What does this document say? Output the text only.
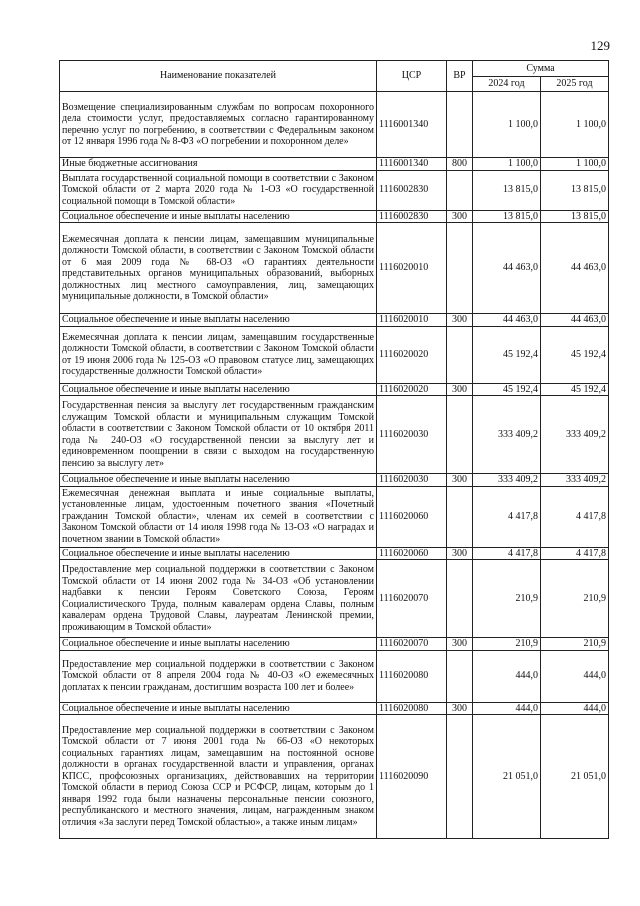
129
Наименование показателей	ЦСР	ВР	Сумма	
			2024 год	2025 год
Возмещение специализированным службам по вопросам похоронного дела стоимости услуг, предоставляемых согласно гарантированному перечню услуг по погребению, в соответствии с Федеральным законом от 12 января 1996 года № 8-ФЗ «О погребении и похоронном деле»	1116001340		1 100,0	1 100,0
Иные бюджетные ассигнования	1116001340	800	1 100,0	1 100,0
Выплата государственной социальной помощи в соответствии с Законом Томской области от 2 марта 2020 года № 1-ОЗ «О государственной социальной помощи в Томской области»	1116002830		13 815,0	13 815,0
Социальное обеспечение и иные выплаты населению	1116002830	300	13 815,0	13 815,0
Ежемесячная доплата к пенсии лицам, замещавшим муниципальные должности Томской области, в соответствии с Законом Томской области от 6 мая 2009 года № 68-ОЗ «О гарантиях деятельности представительных органов муниципальных образований, выборных должностных лиц местного самоуправления, лиц, замещающих муниципальные должности, в Томской области»	1116020010		44 463,0	44 463,0
Социальное обеспечение и иные выплаты населению	1116020010	300	44 463,0	44 463,0
Ежемесячная доплата к пенсии лицам, замещавшим государственные должности Томской области, в соответствии с Законом Томской области от 19 июня 2006 года № 125-ОЗ «О правовом статусе лиц, замещающих государственные должности Томской области»	1116020020		45 192,4	45 192,4
Социальное обеспечение и иные выплаты населению	1116020020	300	45 192,4	45 192,4
Государственная пенсия за выслугу лет государственным гражданским служащим Томской области и муниципальным служащим Томской области в соответствии с Законом Томской области от 10 октября 2011 года № 240-ОЗ «О государственной пенсии за выслугу лет и единовременном поощрении в связи с выходом на государственную пенсию за выслугу лет»	1116020030		333 409,2	333 409,2
Социальное обеспечение и иные выплаты населению	1116020030	300	333 409,2	333 409,2
Ежемесячная денежная выплата и иные социальные выплаты, установленные лицам, удостоенным почетного звания «Почетный гражданин Томской области», членам их семей в соответствии с Законом Томской области от 14 июля 1998 года № 13-ОЗ «О наградах и почетном звании в Томской области»	1116020060		4 417,8	4 417,8
Социальное обеспечение и иные выплаты населению	1116020060	300	4 417,8	4 417,8
Предоставление мер социальной поддержки в соответствии с Законом Томской области от 14 июня 2002 года № 34-ОЗ «Об установлении надбавки к пенсии Героям Советского Союза, Героям Социалистического Труда, полным кавалерам ордена Славы, полным кавалерам ордена Трудовой Славы, лауреатам Ленинской премии, проживающим в Томской области»	1116020070		210,9	210,9
Социальное обеспечение и иные выплаты населению	1116020070	300	210,9	210,9
Предоставление мер социальной поддержки в соответствии с Законом Томской области от 8 апреля 2004 года № 40-ОЗ «О ежемесячных доплатах к пенсии гражданам, достигшим возраста 100 лет и более»	1116020080		444,0	444,0
Социальное обеспечение и иные выплаты населению	1116020080	300	444,0	444,0
Предоставление мер социальной поддержки в соответствии с Законом Томской области от 7 июня 2001 года № 66-ОЗ «О некоторых социальных гарантиях лицам, замещавшим на постоянной основе должности в органах государственной власти и управления, органах КПСС, профсоюзных организациях, действовавших на территории Томской области в период Союза ССР и РСФСР, лицам, которым до 1 января 1992 года были назначены персональные пенсии союзного, республиканского и местного значения, лицам, награжденным знаком отличия «За заслуги перед Томской областью», а также иным лицам»	1116020090		21 051,0	21 051,0
